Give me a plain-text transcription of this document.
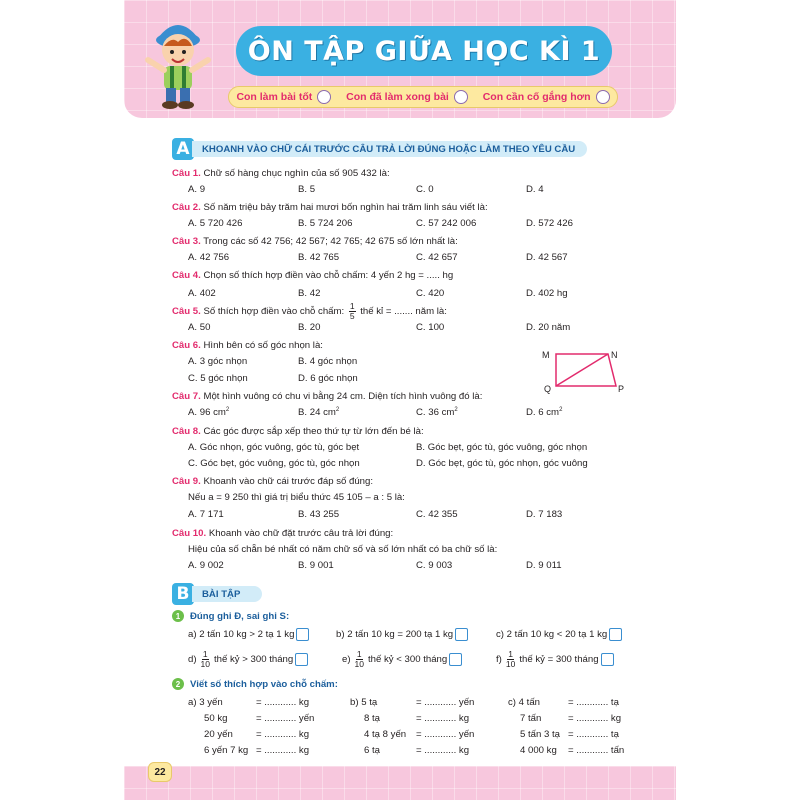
ÔN TẬP GIỮA HỌC KÌ 1
Con làm bài tốt	Con đã làm xong bài	Con cần cố gắng hơn
A	KHOANH VÀO CHỮ CÁI TRƯỚC CÂU TRẢ LỜI ĐÚNG HOẶC LÀM THEO YÊU CẦU
Câu 1. Chữ số hàng chục nghìn của số 905 432 là:
A. 9	B. 5	C. 0	D. 4
Câu 2. Số năm triệu bảy trăm hai mươi bốn nghìn hai trăm linh sáu viết là:
A. 5 720 426	B. 5 724 206	C. 57 242 006	D. 572 426
Câu 3. Trong các số 42 756; 42 567; 42 765; 42 675 số lớn nhất là:
A. 42 756	B. 42 765	C. 42 657	D. 42 567
Câu 4. Chọn số thích hợp điền vào chỗ chấm: 4 yến 2 hg = ..... hg
A. 402	B. 42	C. 420	D. 402 hg
Câu 5. Số thích hợp điền vào chỗ chấm: $\frac{1}{5}$ thế kỉ = ....... năm là:
A. 50	B. 20	C. 100	D. 20 năm
Câu 6. Hình bên có số góc nhọn là:
A. 3 góc nhọn	B. 4 góc nhọn
C. 5 góc nhọn	D. 6 góc nhọn
M	N
Q	P
Câu 7. Một hình vuông có chu vi bằng 24 cm. Diện tích hình vuông đó là:
A. 96 $cm^2$	B. 24 $cm^2$	C. 36 $cm^2$	D. 6 $cm^2$
Câu 8. Các góc được sắp xếp theo thứ tự từ lớn đến bé là:
A. Góc nhọn, góc vuông, góc tù, góc bẹt	B. Góc bẹt, góc tù, góc vuông, góc nhọn
C. Góc bẹt, góc vuông, góc tù, góc nhọn	D. Góc bẹt, góc tù, góc nhọn, góc vuông
Câu 9. Khoanh vào chữ cái trước đáp số đúng:
Nếu a = 9 250 thì giá trị biểu thức 45 105 – a : 5 là:
A. 7 171	B. 43 255	C. 42 355	D. 7 183
Câu 10. Khoanh vào chữ đặt trước câu trả lời đúng:
Hiệu của số chẵn bé nhất có năm chữ số và số lớn nhất có ba chữ số là:
A. 9 002	B. 9 001	C. 9 003	D. 9 011
B	BÀI TẬP
1	Đúng ghi Đ, sai ghi S:
a) 2 tấn 10 kg > 2 tạ 1 kg	b) 2 tấn 10 kg = 200 tạ 1 kg	c) 2 tấn 10 kg < 20 tạ 1 kg
$d) \frac{1}{10}$ thế kỷ > 300 tháng	$e) \frac{1}{10}$ thế kỷ < 300 tháng	$f) \frac{1}{10}$ thế kỷ = 300 tháng
2	Viết số thích hợp vào chỗ chấm:
a) 3 yến	= ............ kg
50 kg	= ............ yến
20 yến = ............ kg
6 yến 7 kg = ............ kg
b) 5 tạ	= ............ yến
8 tạ	= ............ kg
4 tạ 8 yến = ............ yến
6 tạ	= ............ kg
c) 4 tấn	= ............ tạ
7 tấn	= ............ kg
5 tấn 3 tạ = ............ tạ
4 000 kg = ............ tấn
22
